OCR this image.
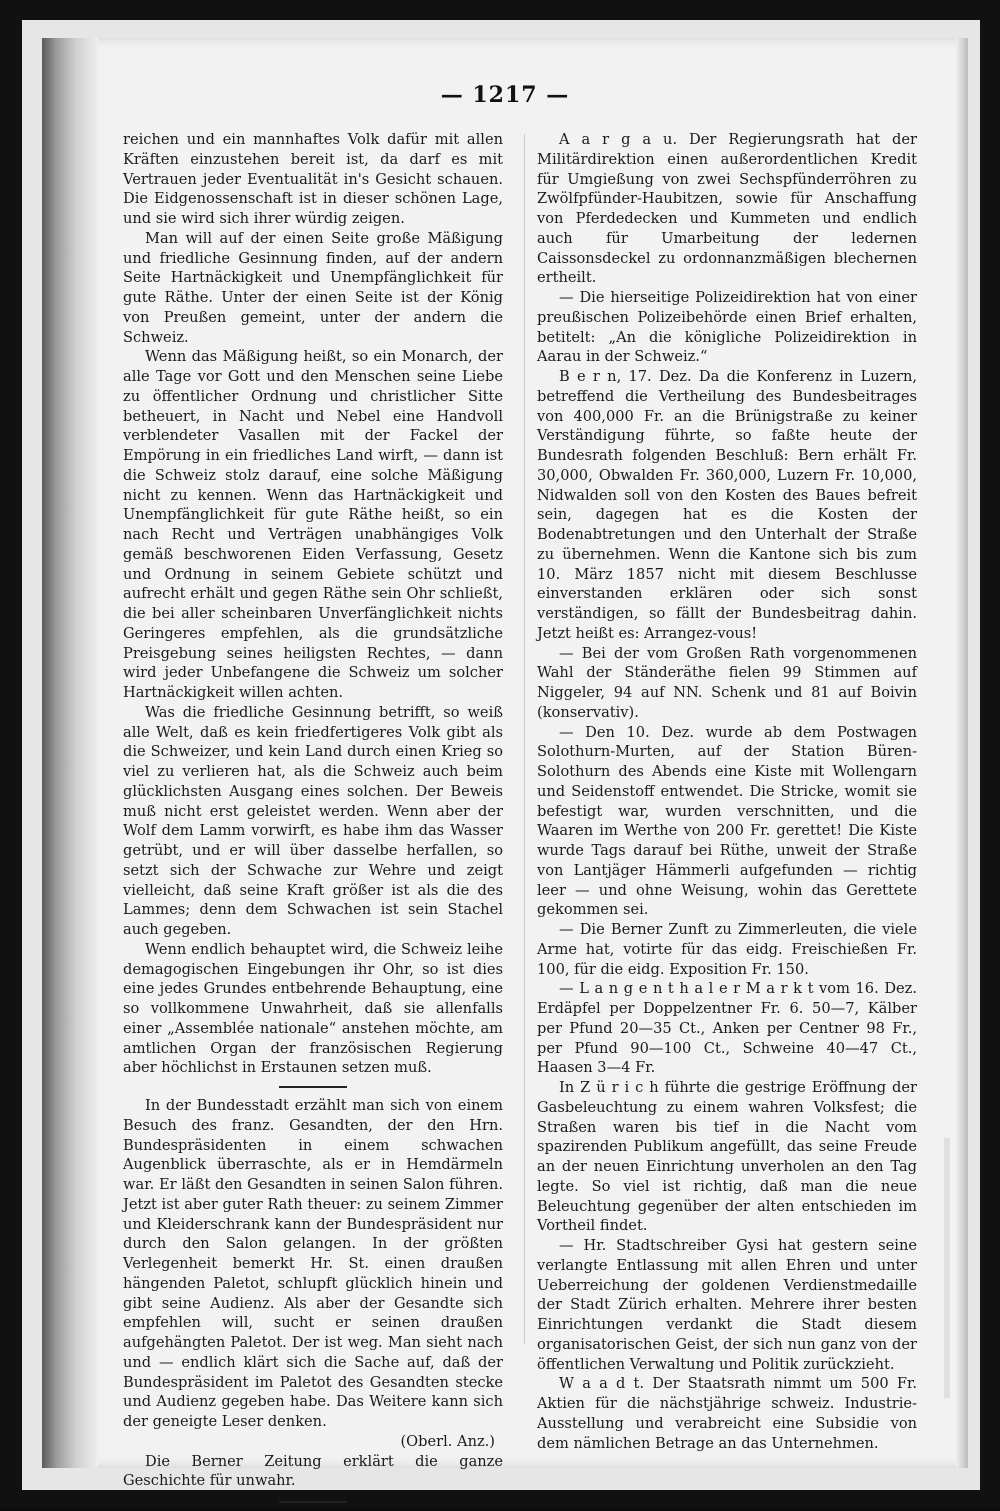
— 1217 —

reichen und ein mannhaftes Volk dafür mit allen Kräften einzustehen bereit ist, da darf es mit Vertrauen jeder Eventualität in's Gesicht schauen. Die Eidgenossenschaft ist in dieser schönen Lage, und sie wird sich ihrer würdig zeigen.

Man will auf der einen Seite große Mäßigung und friedliche Gesinnung finden, auf der andern Seite Hartnäckigkeit und Unempfänglichkeit für gute Räthe. Unter der einen Seite ist der König von Preußen gemeint, unter der andern die Schweiz.

Wenn das Mäßigung heißt, so ein Monarch, der alle Tage vor Gott und den Menschen seine Liebe zu öffentlicher Ordnung und christlicher Sitte betheuert, in Nacht und Nebel eine Handvoll verblendeter Vasallen mit der Fackel der Empörung in ein friedliches Land wirft, — dann ist die Schweiz stolz darauf, eine solche Mäßigung nicht zu kennen. Wenn das Hartnäckigkeit und Unempfänglichkeit für gute Räthe heißt, so ein nach Recht und Verträgen unabhängiges Volk gemäß beschworenen Eiden Verfassung, Gesetz und Ordnung in seinem Gebiete schützt und aufrecht erhält und gegen Räthe sein Ohr schließt, die bei aller scheinbaren Unverfänglichkeit nichts Geringeres empfehlen, als die grundsätzliche Preisgebung seines heiligsten Rechtes, — dann wird jeder Unbefangene die Schweiz um solcher Hartnäckigkeit willen achten.

Was die friedliche Gesinnung betrifft, so weiß alle Welt, daß es kein friedfertigeres Volk gibt als die Schweizer, und kein Land durch einen Krieg so viel zu verlieren hat, als die Schweiz auch beim glücklichsten Ausgang eines solchen. Der Beweis muß nicht erst geleistet werden. Wenn aber der Wolf dem Lamm vorwirft, es habe ihm das Wasser getrübt, und er will über dasselbe herfallen, so setzt sich der Schwache zur Wehre und zeigt vielleicht, daß seine Kraft größer ist als die des Lammes; denn dem Schwachen ist sein Stachel auch gegeben.

Wenn endlich behauptet wird, die Schweiz leihe demagogischen Eingebungen ihr Ohr, so ist dies eine jedes Grundes entbehrende Behauptung, eine so vollkommene Unwahrheit, daß sie allenfalls einer „Assemblée nationale“ anstehen möchte, am amtlichen Organ der französischen Regierung aber höchlichst in Erstaunen setzen muß.

In der Bundesstadt erzählt man sich von einem Besuch des franz. Gesandten, der den Hrn. Bundespräsidenten in einem schwachen Augenblick überraschte, als er in Hemdärmeln war. Er läßt den Gesandten in seinen Salon führen. Jetzt ist aber guter Rath theuer: zu seinem Zimmer und Kleiderschrank kann der Bundespräsident nur durch den Salon gelangen. In der größten Verlegenheit bemerkt Hr. St. einen draußen hängenden Paletot, schlupft glücklich hinein und gibt seine Audienz. Als aber der Gesandte sich empfehlen will, sucht er seinen draußen aufgehängten Paletot. Der ist weg. Man sieht nach und — endlich klärt sich die Sache auf, daß der Bundespräsident im Paletot des Gesandten stecke und Audienz gegeben habe. Das Weitere kann sich der geneigte Leser denken.

(Oberl. Anz.)

Die Berner Zeitung erklärt die ganze Geschichte für unwahr.

A a r g a u. Der Regierungsrath hat der Militärdirektion einen außerordentlichen Kredit für Umgießung von zwei Sechspfünderröhren zu Zwölfpfünder-Haubitzen, sowie für Anschaffung von Pferdedecken und Kummeten und endlich auch für Umarbeitung der ledernen Caissonsdeckel zu ordonnanzmäßigen blechernen ertheilt.

— Die hierseitige Polizeidirektion hat von einer preußischen Polizeibehörde einen Brief erhalten, betitelt: „An die königliche Polizeidirektion in Aarau in der Schweiz.“

B e r n, 17. Dez. Da die Konferenz in Luzern, betreffend die Vertheilung des Bundesbeitrages von 400,000 Fr. an die Brünigstraße zu keiner Verständigung führte, so faßte heute der Bundesrath folgenden Beschluß: Bern erhält Fr. 30,000, Obwalden Fr. 360,000, Luzern Fr. 10,000, Nidwalden soll von den Kosten des Baues befreit sein, dagegen hat es die Kosten der Bodenabtretungen und den Unterhalt der Straße zu übernehmen. Wenn die Kantone sich bis zum 10. März 1857 nicht mit diesem Beschlusse einverstanden erklären oder sich sonst verständigen, so fällt der Bundesbeitrag dahin. Jetzt heißt es: Arrangez-vous!

— Bei der vom Großen Rath vorgenommenen Wahl der Ständeräthe fielen 99 Stimmen auf Niggeler, 94 auf NN. Schenk und 81 auf Boivin (konservativ).

— Den 10. Dez. wurde ab dem Postwagen Solothurn-Murten, auf der Station Büren-Solothurn des Abends eine Kiste mit Wollengarn und Seidenstoff entwendet. Die Stricke, womit sie befestigt war, wurden verschnitten, und die Waaren im Werthe von 200 Fr. gerettet! Die Kiste wurde Tags darauf bei Rüthe, unweit der Straße von Lantjäger Hämmerli aufgefunden — richtig leer — und ohne Weisung, wohin das Gerettete gekommen sei.

— Die Berner Zunft zu Zimmerleuten, die viele Arme hat, votirte für das eidg. Freischießen Fr. 100, für die eidg. Exposition Fr. 150.

— L a n g e n t h a l e r M a r k t vom 16. Dez. Erdäpfel per Doppelzentner Fr. 6. 50—7, Kälber per Pfund 20—35 Ct., Anken per Centner 98 Fr., per Pfund 90—100 Ct., Schweine 40—47 Ct., Haasen 3—4 Fr.

In Z ü r i c h führte die gestrige Eröffnung der Gasbeleuchtung zu einem wahren Volksfest; die Straßen waren bis tief in die Nacht vom spazirenden Publikum angefüllt, das seine Freude an der neuen Einrichtung unverholen an den Tag legte. So viel ist richtig, daß man die neue Beleuchtung gegenüber der alten entschieden im Vortheil findet.

— Hr. Stadtschreiber Gysi hat gestern seine verlangte Entlassung mit allen Ehren und unter Ueberreichung der goldenen Verdienstmedaille der Stadt Zürich erhalten. Mehrere ihrer besten Einrichtungen verdankt die Stadt diesem organisatorischen Geist, der sich nun ganz von der öffentlichen Verwaltung und Politik zurückzieht.

W a a d t. Der Staatsrath nimmt um 500 Fr. Aktien für die nächstjährige schweiz. Industrie-Ausstellung und verabreicht eine Subsidie von dem nämlichen Betrage an das Unternehmen.
